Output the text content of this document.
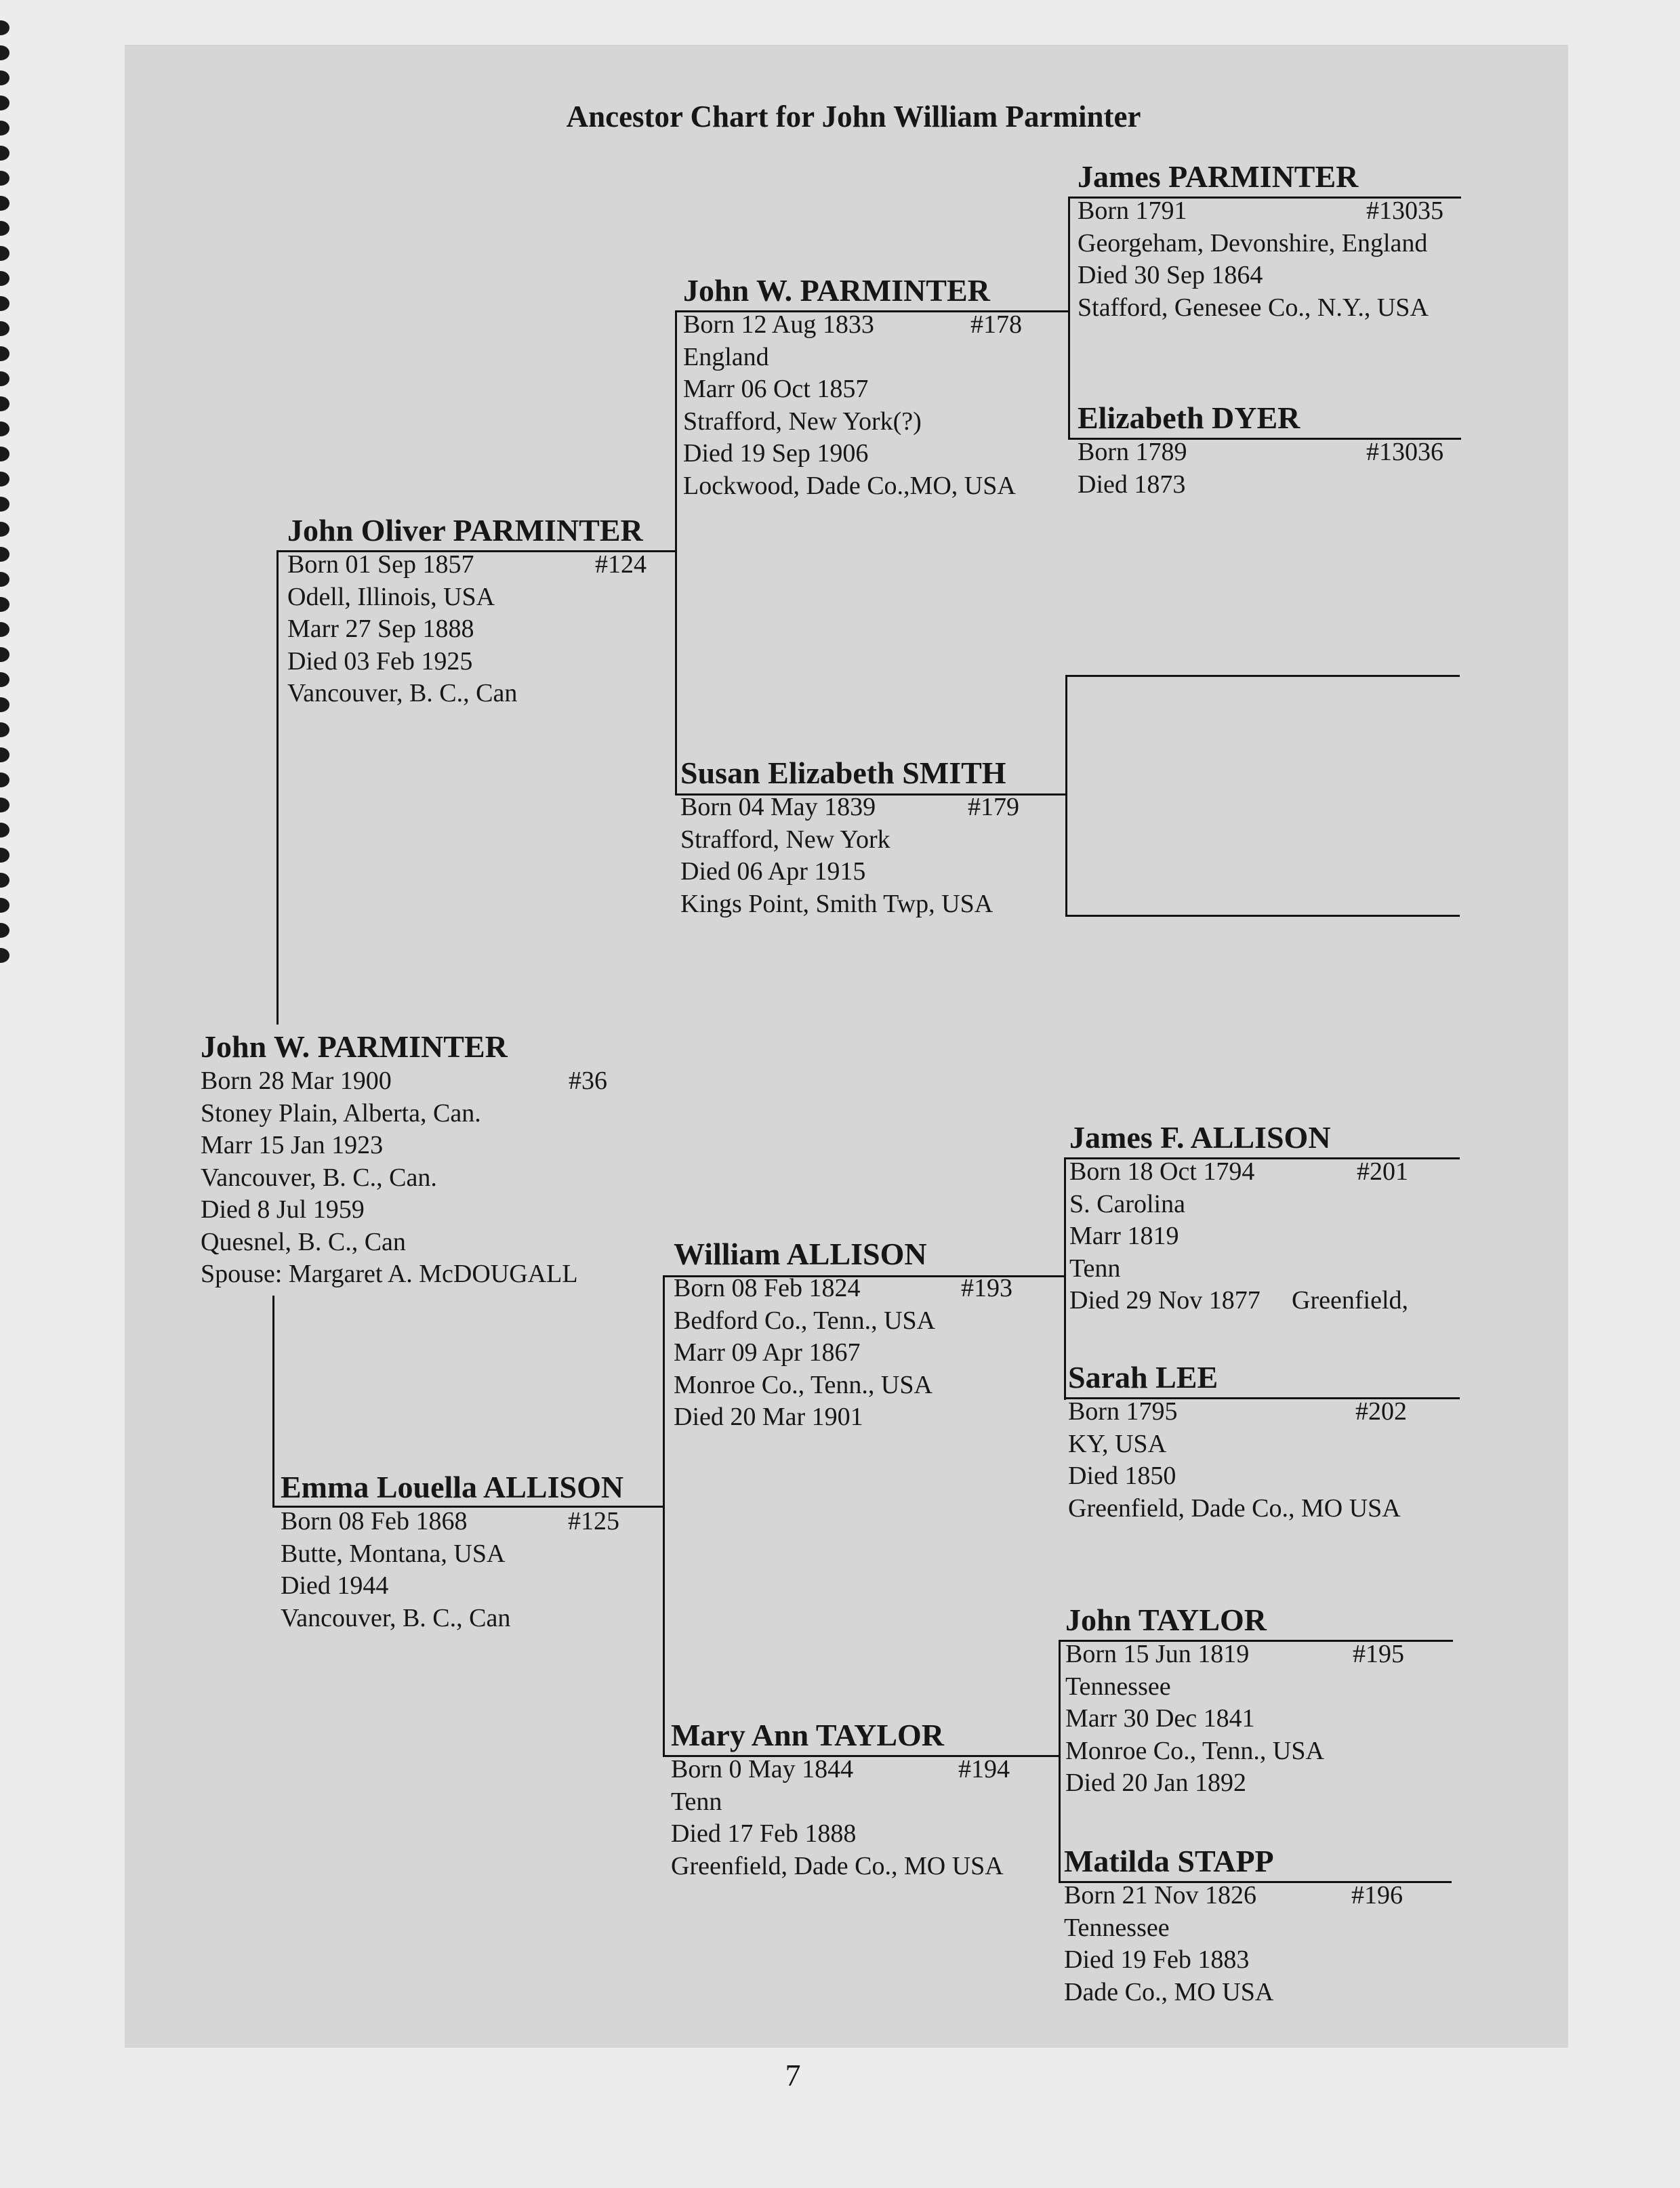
Ancestor Chart for John William Parminter
John W. PARMINTER
Born 28 Mar 1900	#36
Stoney Plain, Alberta, Can.
Marr 15 Jan 1923
Vancouver, B. C., Can.
Died 8 Jul 1959
Quesnel, B. C., Can
Spouse: Margaret A. McDOUGALL
John Oliver PARMINTER
Born 01 Sep 1857	#124
Odell, Illinois, USA
Marr 27 Sep 1888
Died 03 Feb 1925
Vancouver, B. C., Can
Emma Louella ALLISON
Born 08 Feb 1868	#125
Butte, Montana, USA
Died 1944
Vancouver, B. C., Can
John W. PARMINTER
Born 12 Aug 1833	#178
England
Marr 06 Oct 1857
Strafford, New York(?)
Died 19 Sep 1906
Lockwood, Dade Co.,MO, USA
Susan Elizabeth SMITH
Born 04 May 1839	#179
Strafford, New York
Died 06 Apr 1915
Kings Point, Smith Twp, USA
William ALLISON
Born 08 Feb 1824	#193
Bedford Co., Tenn., USA
Marr 09 Apr 1867
Monroe Co., Tenn., USA
Died 20 Mar 1901
Mary Ann TAYLOR
Born 0 May 1844	#194
Tenn
Died 17 Feb 1888
Greenfield, Dade Co., MO USA
James PARMINTER
Born 1791	#13035
Georgeham, Devonshire, England
Died 30 Sep 1864
Stafford, Genesee Co., N.Y., USA
Elizabeth DYER
Born 1789	#13036
Died 1873
James F. ALLISON
Born 18 Oct 1794	#201
S. Carolina
Marr 1819
Tenn
Died 29 Nov 1877 Greenfield,
Sarah LEE
Born 1795	#202
KY, USA
Died 1850
Greenfield, Dade Co., MO USA
John TAYLOR
Born 15 Jun 1819	#195
Tennessee
Marr 30 Dec 1841
Monroe Co., Tenn., USA
Died 20 Jan 1892
Matilda STAPP
Born 21 Nov 1826	#196
Tennessee
Died 19 Feb 1883
Dade Co., MO USA
7
